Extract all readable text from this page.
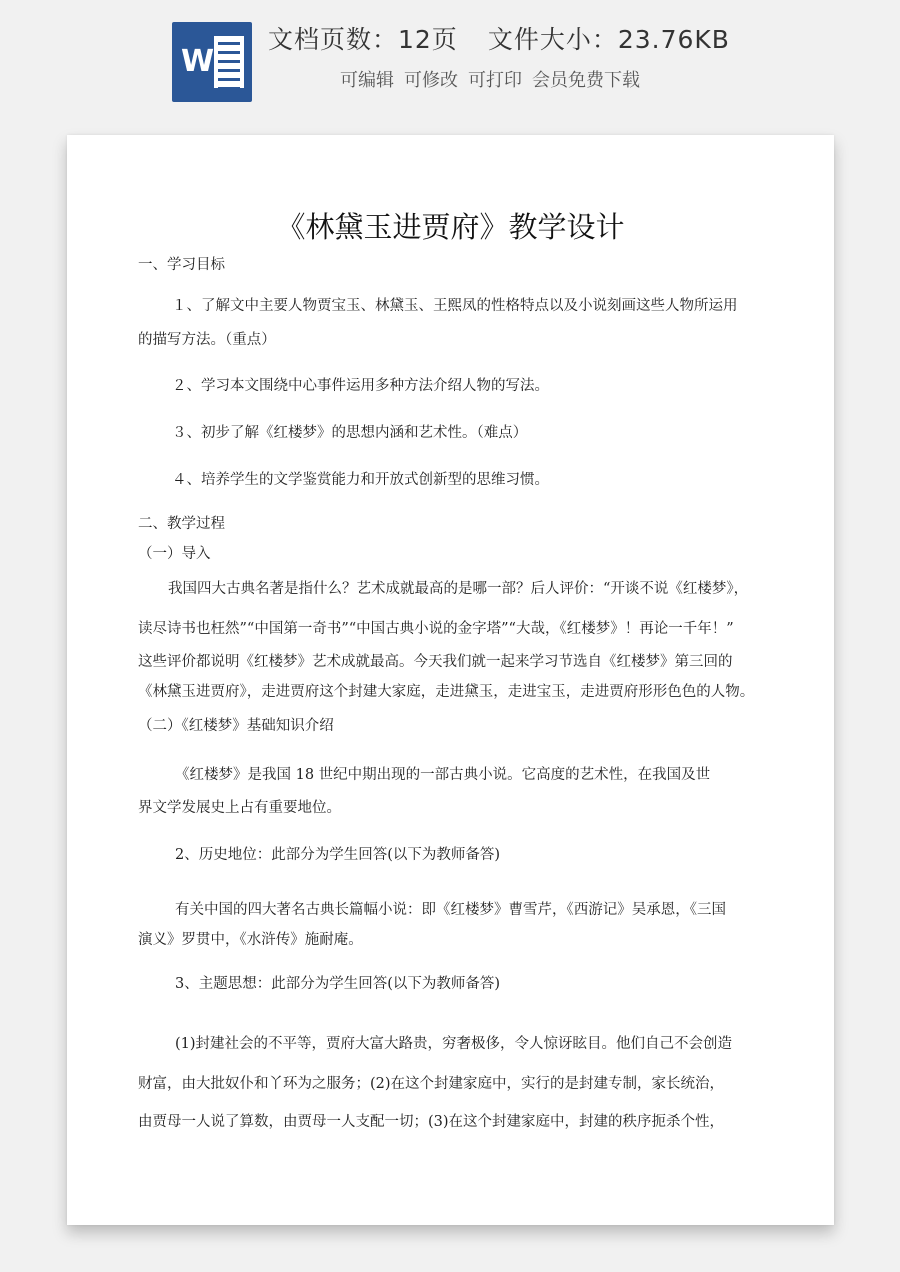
W
文档页数：12页 文件大小：23.76KB
可编辑 可修改 可打印 会员免费下载
《林黛玉进贾府》教学设计
一、学习目标
１、了解文中主要人物贾宝玉、林黛玉、王熙凤的性格特点以及小说刻画这些人物所运用
的描写方法。（重点）
２、学习本文围绕中心事件运用多种方法介绍人物的写法。
３、初步了解《红楼梦》的思想内涵和艺术性。（难点）
４、培养学生的文学鉴赏能力和开放式创新型的思维习惯。
二、教学过程
（一）导入
我国四大古典名著是指什么？艺术成就最高的是哪一部？后人评价：“开谈不说《红楼梦》，
读尽诗书也枉然”“中国第一奇书”“中国古典小说的金字塔”“大哉，《红楼梦》！再论一千年！”
这些评价都说明《红楼梦》艺术成就最高。今天我们就一起来学习节选自《红楼梦》第三回的
《林黛玉进贾府》，走进贾府这个封建大家庭，走进黛玉，走进宝玉，走进贾府形形色色的人物。
（二）《红楼梦》基础知识介绍
《红楼梦》是我国 18 世纪中期出现的一部古典小说。它高度的艺术性，在我国及世
界文学发展史上占有重要地位。
2、历史地位：此部分为学生回答(以下为教师备答)
有关中国的四大著名古典长篇幅小说：即《红楼梦》曹雪芹，《西游记》吴承恩，《三国
演义》罗贯中，《水浒传》施耐庵。
3、主题思想：此部分为学生回答(以下为教师备答)
(1)封建社会的不平等，贾府大富大路贵，穷奢极侈，令人惊讶眩目。他们自己不会创造
财富，由大批奴仆和丫环为之服务；(2)在这个封建家庭中，实行的是封建专制，家长统治，
由贾母一人说了算数，由贾母一人支配一切；(3)在这个封建家庭中，封建的秩序扼杀个性，
